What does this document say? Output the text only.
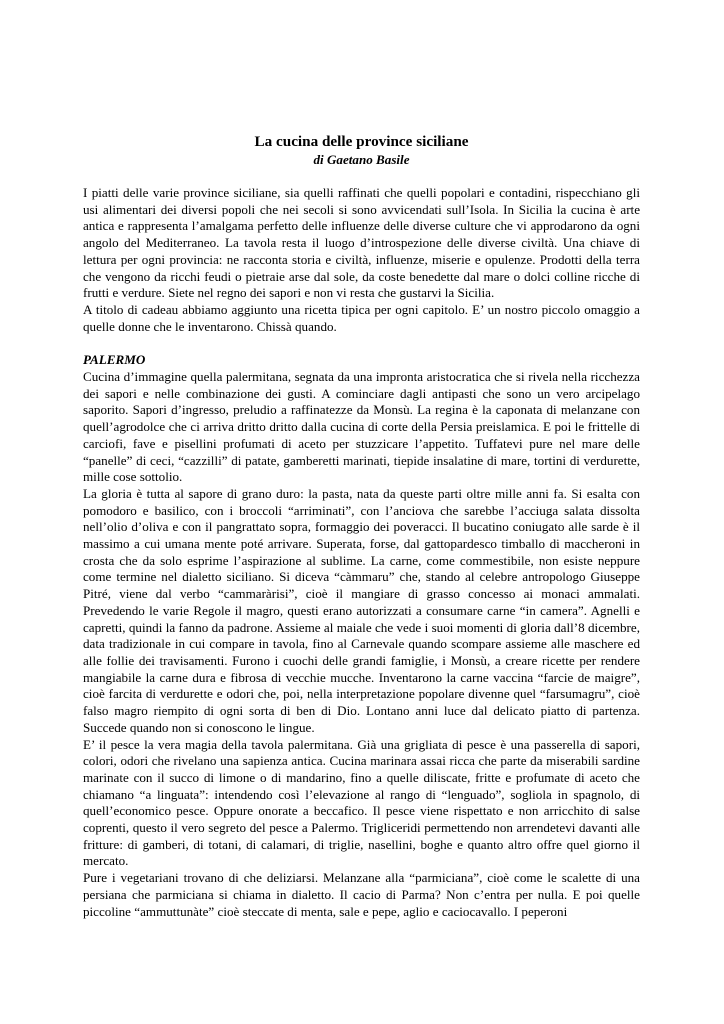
La cucina delle province siciliane

di Gaetano Basile

I piatti delle varie province siciliane, sia quelli raffinati che quelli popolari e contadini, rispecchiano gli usi alimentari dei diversi popoli che nei secoli si sono avvicendati sull’Isola. In Sicilia la cucina è arte antica e rappresenta l’amalgama perfetto delle influenze delle diverse culture che vi approdarono da ogni angolo del Mediterraneo. La tavola resta il luogo d’introspezione delle diverse civiltà. Una chiave di lettura per ogni provincia: ne racconta storia e civiltà, influenze, miserie e opulenze. Prodotti della terra che vengono da ricchi feudi o pietraie arse dal sole, da coste benedette dal mare o dolci colline ricche di frutti e verdure. Siete nel regno dei sapori e non vi resta che gustarvi la Sicilia.

A titolo di cadeau abbiamo aggiunto una ricetta tipica per ogni capitolo. E’ un nostro piccolo omaggio a quelle donne che le inventarono. Chissà quando.

PALERMO

Cucina d’immagine quella palermitana, segnata da una impronta aristocratica che si rivela nella ricchezza dei sapori e nelle combinazione dei gusti. A cominciare dagli antipasti che sono un vero arcipelago saporito. Sapori d’ingresso, preludio a raffinatezze da Monsù. La regina è la caponata di melanzane con quell’agrodolce che ci arriva dritto dritto dalla cucina di corte della Persia preislamica. E poi le frittelle di carciofi, fave e pisellini profumati di aceto per stuzzicare l’appetito. Tuffatevi pure nel mare delle “panelle” di ceci, “cazzilli” di patate, gamberetti marinati, tiepide insalatine di mare, tortini di verdurette, mille cose sottolio.

La gloria è tutta al sapore di grano duro: la pasta, nata da queste parti oltre mille anni fa. Si esalta con pomodoro e basilico, con i broccoli “arriminati”, con l’anciova che sarebbe l’acciuga salata dissolta nell’olio d’oliva e con il pangrattato sopra, formaggio dei poveracci. Il bucatino coniugato alle sarde è il massimo a cui umana mente poté arrivare. Superata, forse, dal gattopardesco timballo di maccheroni in crosta che da solo esprime l’aspirazione al sublime. La carne, come commestibile, non esiste neppure come termine nel dialetto siciliano. Si diceva “càmmaru” che, stando al celebre antropologo Giuseppe Pitré, viene dal verbo “cammaràrisi”, cioè il mangiare di grasso concesso ai monaci ammalati. Prevedendo le varie Regole il magro, questi erano autorizzati a consumare carne “in camera”. Agnelli e capretti, quindi la fanno da padrone. Assieme al maiale che vede i suoi momenti di gloria dall’8 dicembre, data tradizionale in cui compare in tavola, fino al Carnevale quando scompare assieme alle maschere ed alle follie dei travisamenti. Furono i cuochi delle grandi famiglie, i Monsù, a creare ricette per rendere mangiabile la carne dura e fibrosa di vecchie mucche. Inventarono la carne vaccina “farcie de maigre”, cioè farcita di verdurette e odori che, poi, nella interpretazione popolare divenne quel “farsumagru”, cioè falso magro riempito di ogni sorta di ben di Dio. Lontano anni luce dal delicato piatto di partenza. Succede quando non si conoscono le lingue.

E’ il pesce la vera magia della tavola palermitana. Già una grigliata di pesce è una passerella di sapori, colori, odori che rivelano una sapienza antica. Cucina marinara assai ricca che parte da miserabili sardine marinate con il succo di limone o di mandarino, fino a quelle diliscate, fritte e profumate di aceto che chiamano “a linguata”: intendendo così l’elevazione al rango di “lenguado”, sogliola in spagnolo, di quell’economico pesce. Oppure onorate a beccafico. Il pesce viene rispettato e non arricchito di salse coprenti, questo il vero segreto del pesce a Palermo. Trigliceridi permettendo non arrendetevi davanti alle fritture: di gamberi, di totani, di calamari, di triglie, nasellini, boghe e quanto altro offre quel giorno il mercato.

Pure i vegetariani trovano di che deliziarsi. Melanzane alla “parmiciana”, cioè come le scalette di una persiana che parmiciana si chiama in dialetto. Il cacio di Parma? Non c’entra per nulla. E poi quelle piccoline “ammuttunàte” cioè steccate di menta, sale e pepe, aglio e caciocavallo. I peperoni
